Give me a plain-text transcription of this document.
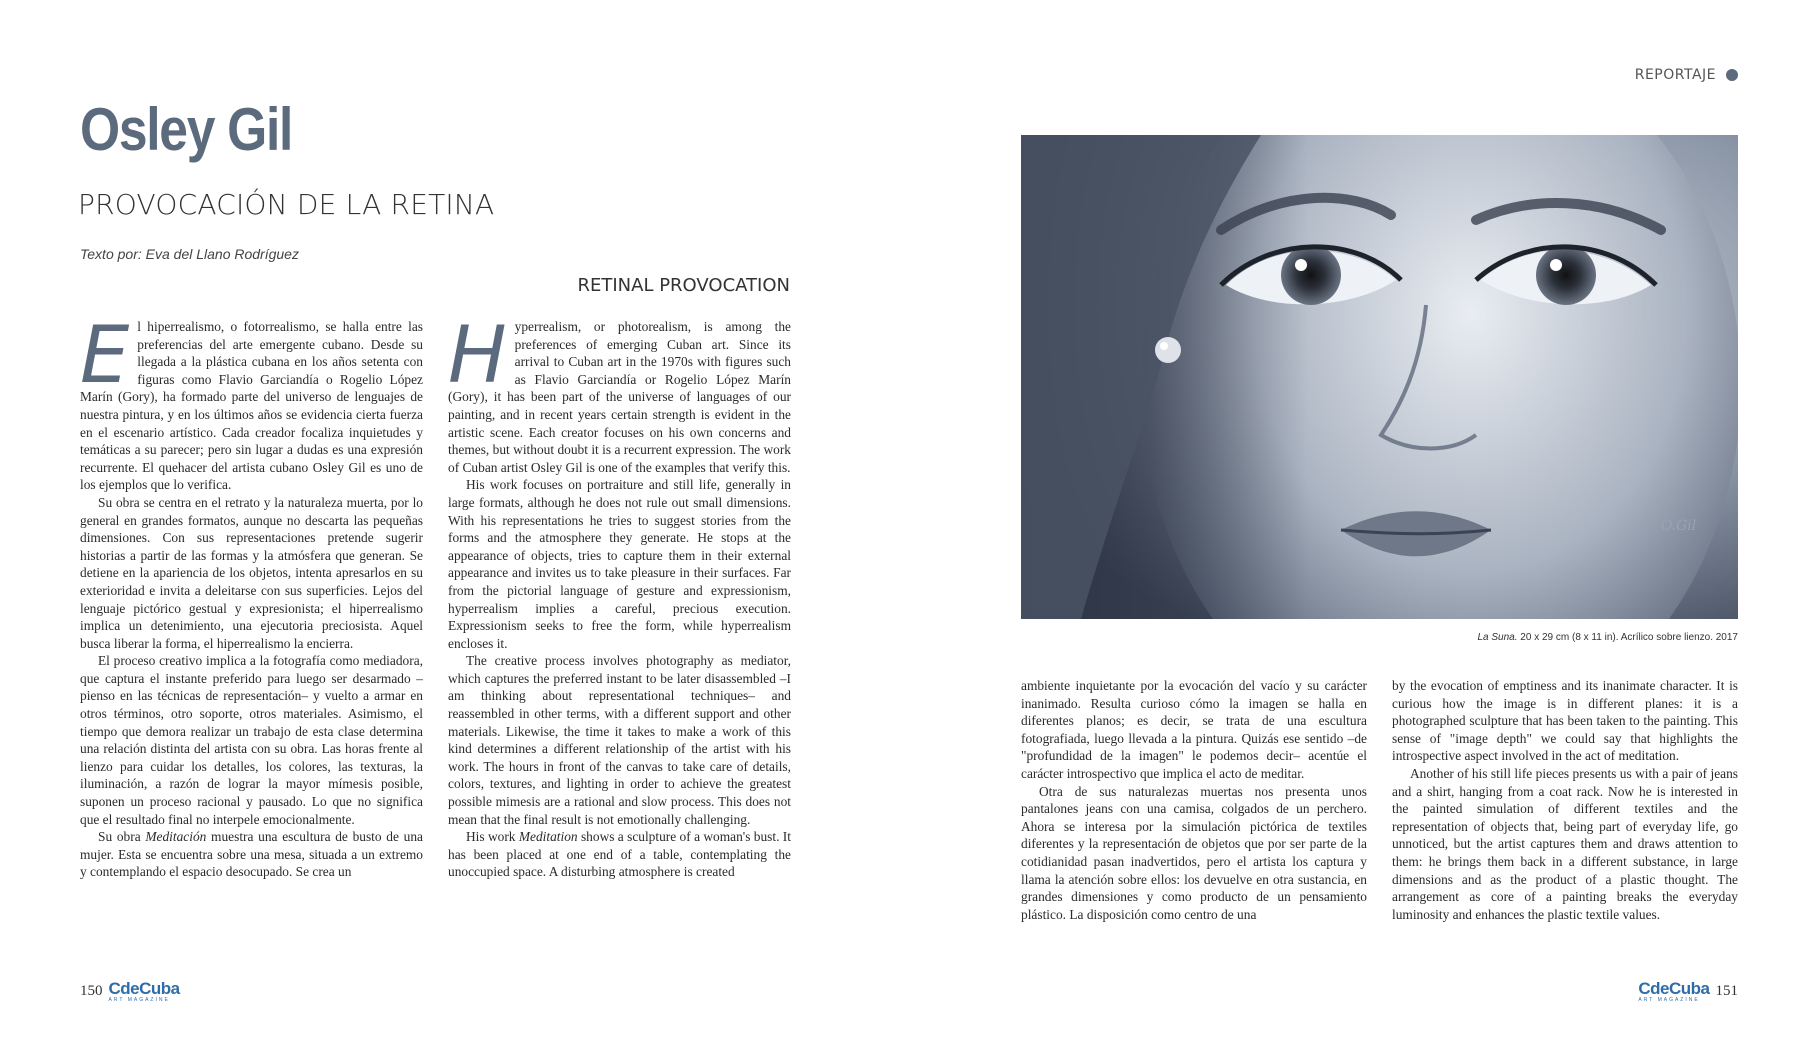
Osley Gil
PROVOCACIÓN DE LA RETINA
Texto por: Eva del Llano Rodríguez
RETINAL PROVOCATION

El hiperrealismo, o fotorrealismo, se halla entre las preferencias del arte emergente cubano. Desde su llegada a la plástica cubana en los años setenta con figuras como Flavio Garciandía o Rogelio López Marín (Gory), ha formado parte del universo de lenguajes de nuestra pintura, y en los últimos años se evidencia cierta fuerza en el escenario artístico. Cada creador focaliza inquietudes y temáticas a su parecer; pero sin lugar a dudas es una expresión recurrente. El quehacer del artista cubano Osley Gil es uno de los ejemplos que lo verifica.

Su obra se centra en el retrato y la naturaleza muerta, por lo general en grandes formatos, aunque no descarta las pequeñas dimensiones. Con sus representaciones pretende sugerir historias a partir de las formas y la atmósfera que generan. Se detiene en la apariencia de los objetos, intenta apresarlos en su exterioridad e invita a deleitarse con sus superficies. Lejos del lenguaje pictórico gestual y expresionista; el hiperrealismo implica un detenimiento, una ejecutoria preciosista. Aquel busca liberar la forma, el hiperrealismo la encierra.

El proceso creativo implica a la fotografía como mediadora, que captura el instante preferido para luego ser desarmado –pienso en las técnicas de representación– y vuelto a armar en otros términos, otro soporte, otros materiales. Asimismo, el tiempo que demora realizar un trabajo de esta clase determina una relación distinta del artista con su obra. Las horas frente al lienzo para cuidar los detalles, los colores, las texturas, la iluminación, a razón de lograr la mayor mímesis posible, suponen un proceso racional y pausado. Lo que no significa que el resultado final no interpele emocionalmente.

Su obra Meditación muestra una escultura de busto de una mujer. Esta se encuentra sobre una mesa, situada a un extremo y contemplando el espacio desocupado. Se crea un

Hyperrealism, or photorealism, is among the preferences of emerging Cuban art. Since its arrival to Cuban art in the 1970s with figures such as Flavio Garciandía or Rogelio López Marín (Gory), it has been part of the universe of languages of our painting, and in recent years certain strength is evident in the artistic scene. Each creator focuses on his own concerns and themes, but without doubt it is a recurrent expression. The work of Cuban artist Osley Gil is one of the examples that verify this.

His work focuses on portraiture and still life, generally in large formats, although he does not rule out small dimensions. With his representations he tries to suggest stories from the forms and the atmosphere they generate. He stops at the appearance of objects, tries to capture them in their external appearance and invites us to take pleasure in their surfaces. Far from the pictorial language of gesture and expressionism, hyperrealism implies a careful, precious execution. Expressionism seeks to free the form, while hyperrealism encloses it.

The creative process involves photography as mediator, which captures the preferred instant to be later disassembled –I am thinking about representational techniques– and reassembled in other terms, with a different support and other materials. Likewise, the time it takes to make a work of this kind determines a different relationship of the artist with his work. The hours in front of the canvas to take care of details, colors, textures, and lighting in order to achieve the greatest possible mimesis are a rational and slow process. This does not mean that the final result is not emotionally challenging.

His work Meditation shows a sculpture of a woman's bust. It has been placed at one end of a table, contemplating the unoccupied space. A disturbing atmosphere is created

150 CdeCuba
ART MAGAZINE
REPORTAJE
O.Gil
La Suna. 20 x 29 cm (8 x 11 in). Acrílico sobre lienzo. 2017

ambiente inquietante por la evocación del vacío y su carácter inanimado. Resulta curioso cómo la imagen se halla en diferentes planos; es decir, se trata de una escultura fotografiada, luego llevada a la pintura. Quizás ese sentido –de "profundidad de la imagen" le podemos decir– acentúe el carácter introspectivo que implica el acto de meditar.

Otra de sus naturalezas muertas nos presenta unos pantalones jeans con una camisa, colgados de un perchero. Ahora se interesa por la simulación pictórica de textiles diferentes y la representación de objetos que por ser parte de la cotidianidad pasan inadvertidos, pero el artista los captura y llama la atención sobre ellos: los devuelve en otra sustancia, en grandes dimensiones y como producto de un pensamiento plástico. La disposición como centro de una

by the evocation of emptiness and its inanimate character. It is curious how the image is in different planes: it is a photographed sculpture that has been taken to the painting. This sense of "image depth" we could say that highlights the introspective aspect involved in the act of meditation.

Another of his still life pieces presents us with a pair of jeans and a shirt, hanging from a coat rack. Now he is interested in the painted simulation of different textiles and the representation of objects that, being part of everyday life, go unnoticed, but the artist captures them and draws attention to them: he brings them back in a different substance, in large dimensions and as the product of a plastic thought. The arrangement as core of a painting breaks the everyday luminosity and enhances the plastic textile values.

CdeCuba
ART MAGAZINE
151
